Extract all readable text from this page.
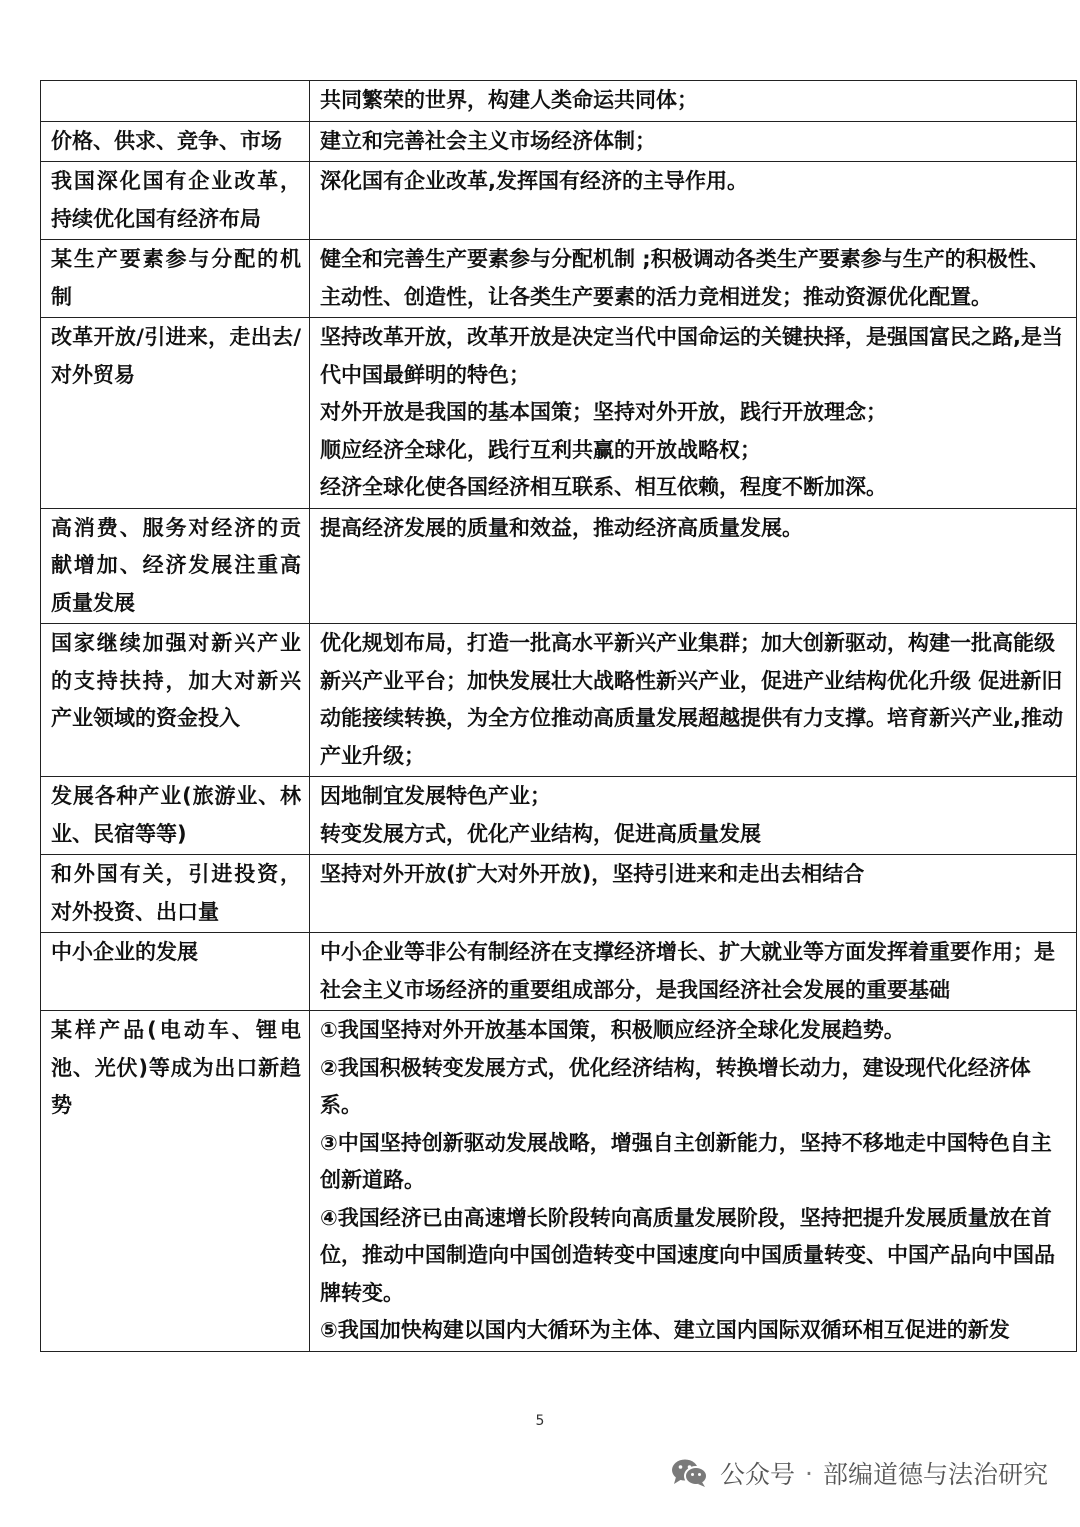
	共同繁荣的世界，构建人类命运共同体；

价格、供求、竞争、市场	建立和完善社会主义市场经济体制；

我国深化国有企业改革，持续优化国有经济布局	深化国有企业改革,发挥国有经济的主导作用。

某生产要素参与分配的机制	健全和完善生产要素参与分配机制 ;积极调动各类生产要素参与生产的积极性、主动性、创造性，让各类生产要素的活力竞相迸发；推动资源优化配置。

改革开放/引进来，走出去/对外贸易	坚持改革开放，改革开放是决定当代中国命运的关键抉择，是强国富民之路,是当代中国最鲜明的特色；
对外开放是我国的基本国策；坚持对外开放，践行开放理念；
顺应经济全球化，践行互利共赢的开放战略权；
经济全球化使各国经济相互联系、相互依赖，程度不断加深。

高消费、服务对经济的贡献增加、经济发展注重高质量发展	提高经济发展的质量和效益，推动经济高质量发展。

国家继续加强对新兴产业的支持扶持，加大对新兴产业领域的资金投入	优化规划布局，打造一批高水平新兴产业集群；加大创新驱动，构建一批高能级新兴产业平台；加快发展壮大战略性新兴产业，促进产业结构优化升级 促进新旧动能接续转换，为全方位推动高质量发展超越提供有力支撑。培育新兴产业,推动产业升级；

发展各种产业(旅游业、林业、民宿等等)	因地制宜发展特色产业；
转变发展方式，优化产业结构，促进高质量发展

和外国有关，引进投资，对外投资、出口量	坚持对外开放(扩大对外开放)，坚持引进来和走出去相结合

中小企业的发展	中小企业等非公有制经济在支撑经济增长、扩大就业等方面发挥着重要作用；是社会主义市场经济的重要组成部分，是我国经济社会发展的重要基础

某样产品(电动车、锂电池、光伏)等成为出口新趋势	①我国坚持对外开放基本国策，积极顺应经济全球化发展趋势。
②我国积极转变发展方式，优化经济结构，转换增长动力，建设现代化经济体系。
③中国坚持创新驱动发展战略，增强自主创新能力，坚持不移地走中国特色自主创新道路。
④我国经济已由高速增长阶段转向高质量发展阶段，坚持把提升发展质量放在首位，推动中国制造向中国创造转变中国速度向中国质量转变、中国产品向中国品牌转变。
⑤我国加快构建以国内大循环为主体、建立国内国际双循环相互促进的新发
5
公众号 · 部编道德与法治研究
